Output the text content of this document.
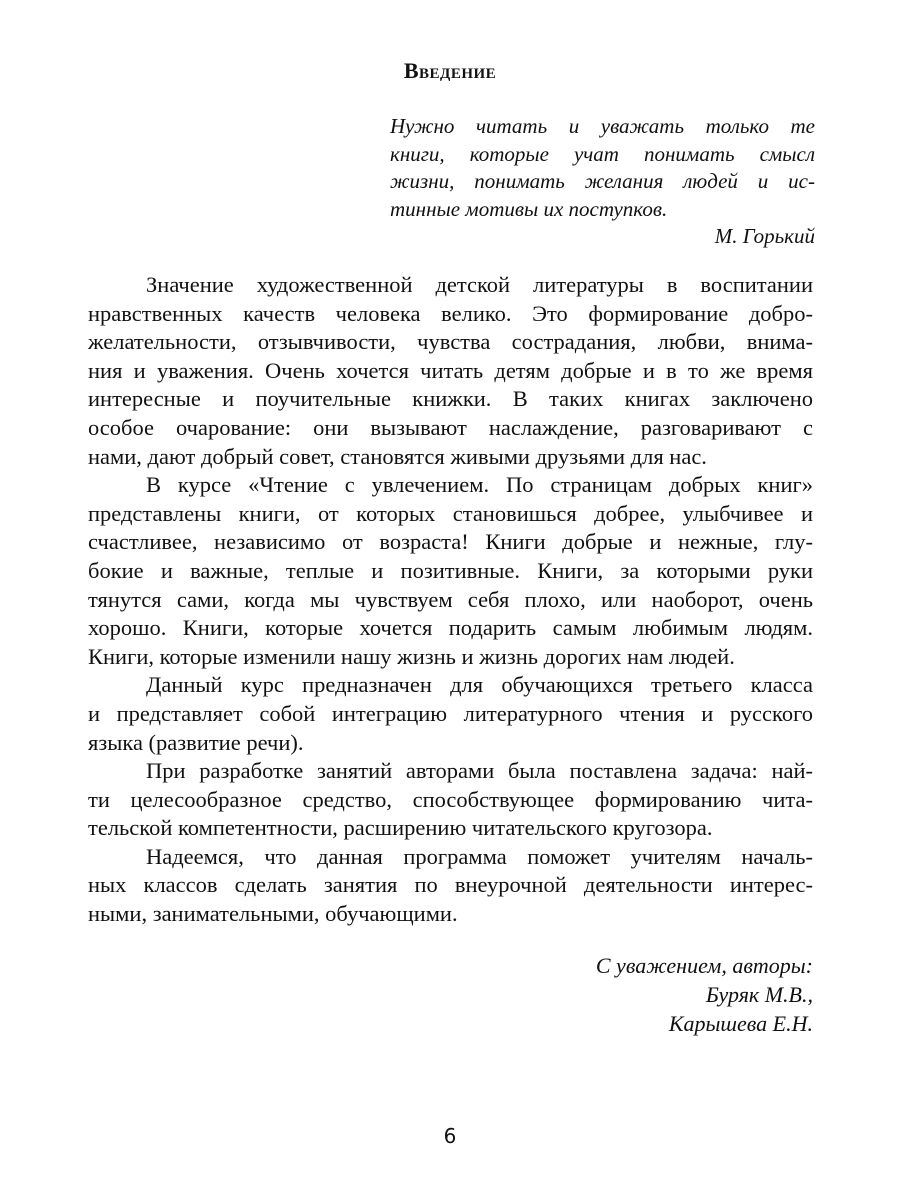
Введение
Нужно читать и уважать только те
книги, которые учат понимать смысл
жизни, понимать желания людей и ис-
тинные мотивы их поступков.
М. Горький
Значение художественной детской литературы в воспитании
нравственных качеств человека велико. Это формирование добро-
желательности, отзывчивости, чувства сострадания, любви, внима-
ния и уважения. Очень хочется читать детям добрые и в то же время
интересные и поучительные книжки. В таких книгах заключено
особое очарование: они вызывают наслаждение, разговаривают с
нами, дают добрый совет, становятся живыми друзьями для нас.
В курсе «Чтение с увлечением. По страницам добрых книг»
представлены книги, от которых становишься добрее, улыбчивее и
счастливее, независимо от возраста! Книги добрые и нежные, глу-
бокие и важные, теплые и позитивные. Книги, за которыми руки
тянутся сами, когда мы чувствуем себя плохо, или наоборот, очень
хорошо. Книги, которые хочется подарить самым любимым людям.
Книги, которые изменили нашу жизнь и жизнь дорогих нам людей.
Данный курс предназначен для обучающихся третьего класса
и представляет собой интеграцию литературного чтения и русского
языка (развитие речи).
При разработке занятий авторами была поставлена задача: най-
ти целесообразное средство, способствующее формированию чита-
тельской компетентности, расширению читательского кругозора.
Надеемся, что данная программа поможет учителям началь-
ных классов сделать занятия по внеурочной деятельности интерес-
ными, занимательными, обучающими.
С уважением, авторы:
Буряк М.В.,
Карышева Е.Н.
6
